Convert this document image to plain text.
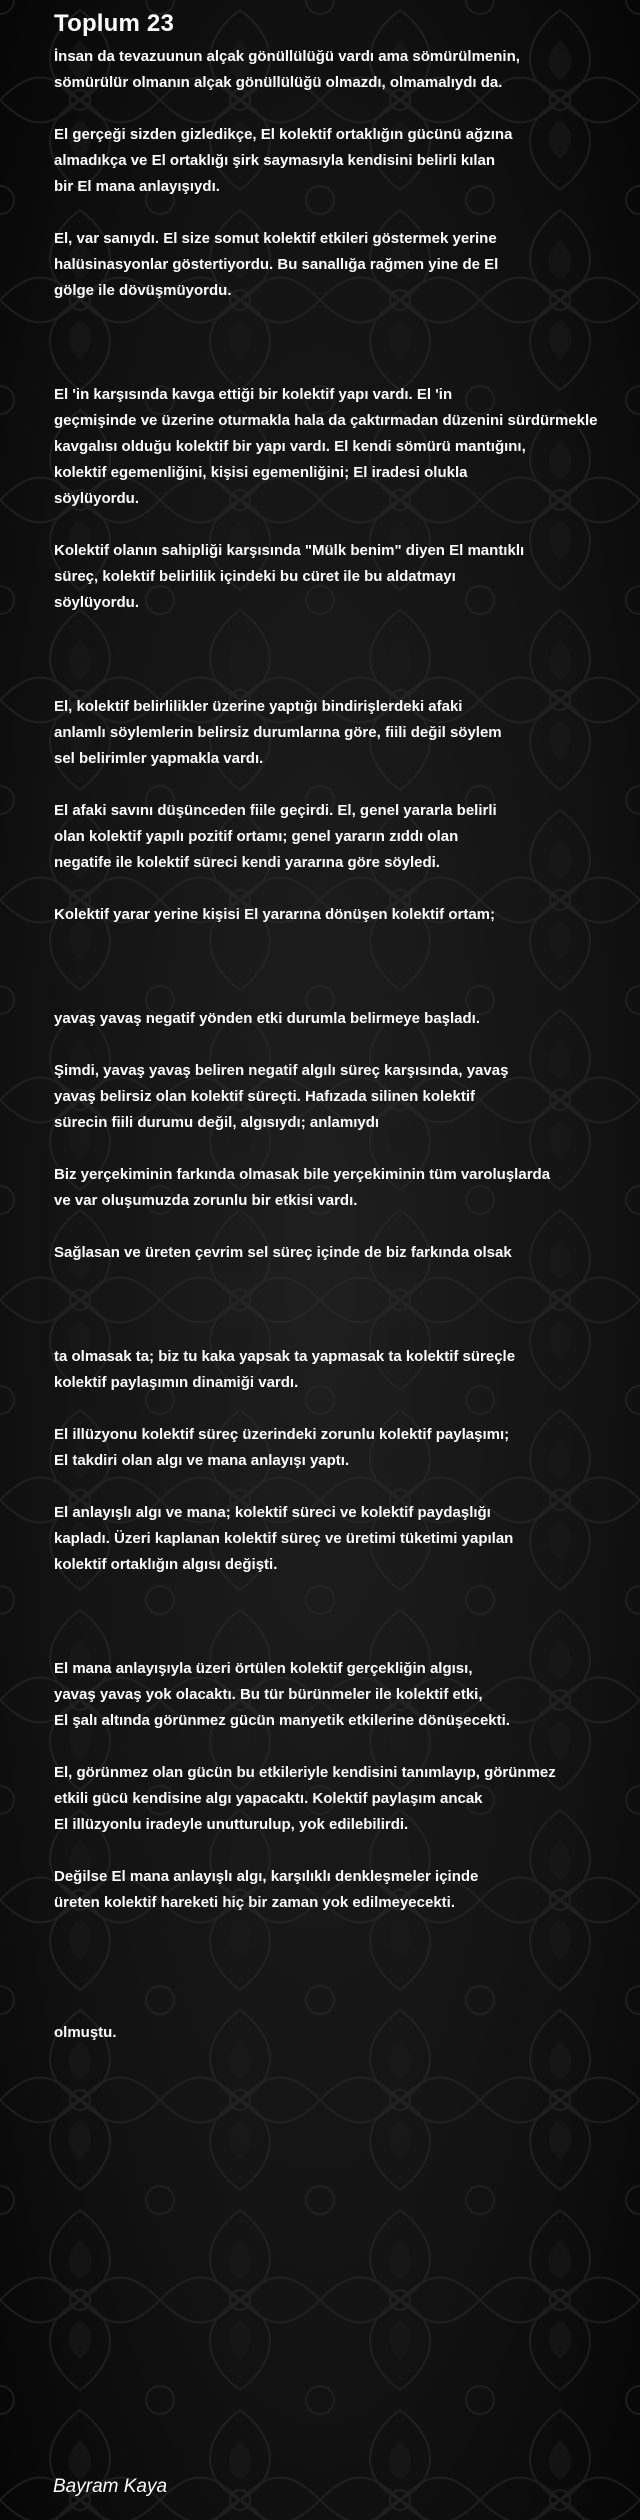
Toplum 23
İnsan da tevazuunun alçak gönüllülüğü vardı ama sömürülmenin,
sömürülür olmanın alçak gönüllülüğü olmazdı, olmamalıydı da.
El gerçeği sizden gizledikçe, El kolektif ortaklığın gücünü ağzına
almadıkça ve El ortaklığı şirk saymasıyla kendisini belirli kılan
bir El mana anlayışıydı.
El, var sanıydı. El size somut kolektif etkileri göstermek yerine
halüsinasyonlar göstertiyordu. Bu sanallığa rağmen yine de El
gölge ile dövüşmüyordu.
El 'in karşısında kavga ettiği bir kolektif yapı vardı. El 'in
geçmişinde ve üzerine oturmakla hala da çaktırmadan düzenini sürdürmekle
kavgalısı olduğu kolektif bir yapı vardı. El kendi sömürü mantığını,
kolektif egemenliğini, kişisi egemenliğini; El iradesi olukla
söylüyordu.
Kolektif olanın sahipliği karşısında "Mülk benim" diyen El mantıklı
süreç, kolektif belirlilik içindeki bu cüret ile bu aldatmayı
söylüyordu.
El, kolektif belirlilikler üzerine yaptığı bindirişlerdeki afaki
anlamlı söylemlerin belirsiz durumlarına göre, fiili değil söylem
sel belirimler yapmakla vardı.
El afaki savını düşünceden fiile geçirdi. El, genel yararla belirli
olan kolektif yapılı pozitif ortamı; genel yararın zıddı olan
negatife ile kolektif süreci kendi yararına göre söyledi.
Kolektif yarar yerine kişisi El yararına dönüşen kolektif ortam;
yavaş yavaş negatif yönden etki durumla belirmeye başladı.
Şimdi, yavaş yavaş beliren negatif algılı süreç karşısında, yavaş
yavaş belirsiz olan kolektif süreçti. Hafızada silinen kolektif
sürecin fiili durumu değil, algısıydı; anlamıydı
Biz yerçekiminin farkında olmasak bile yerçekiminin tüm varoluşlarda
ve var oluşumuzda zorunlu bir etkisi vardı.
Sağlasan ve üreten çevrim sel süreç içinde de biz farkında olsak
ta olmasak ta; biz tu kaka yapsak ta yapmasak ta kolektif süreçle
kolektif paylaşımın dinamiği vardı.
El illüzyonu kolektif süreç üzerindeki zorunlu kolektif paylaşımı;
El takdiri olan algı ve mana anlayışı yaptı.
El anlayışlı algı ve mana; kolektif süreci ve kolektif paydaşlığı
kapladı. Üzeri kaplanan kolektif süreç ve üretimi tüketimi yapılan
kolektif ortaklığın algısı değişti.
El mana anlayışıyla üzeri örtülen kolektif gerçekliğin algısı,
yavaş yavaş yok olacaktı. Bu tür bürünmeler ile kolektif etki,
El şalı altında görünmez gücün manyetik etkilerine dönüşecekti.
El, görünmez olan gücün bu etkileriyle kendisini tanımlayıp, görünmez
etkili gücü kendisine algı yapacaktı. Kolektif paylaşım ancak
El illüzyonlu iradeyle unutturulup, yok edilebilirdi.
Değilse El mana anlayışlı algı, karşılıklı denkleşmeler içinde
üreten kolektif hareketi hiç bir zaman yok edilmeyecekti.
olmuştu.
Bayram Kaya
